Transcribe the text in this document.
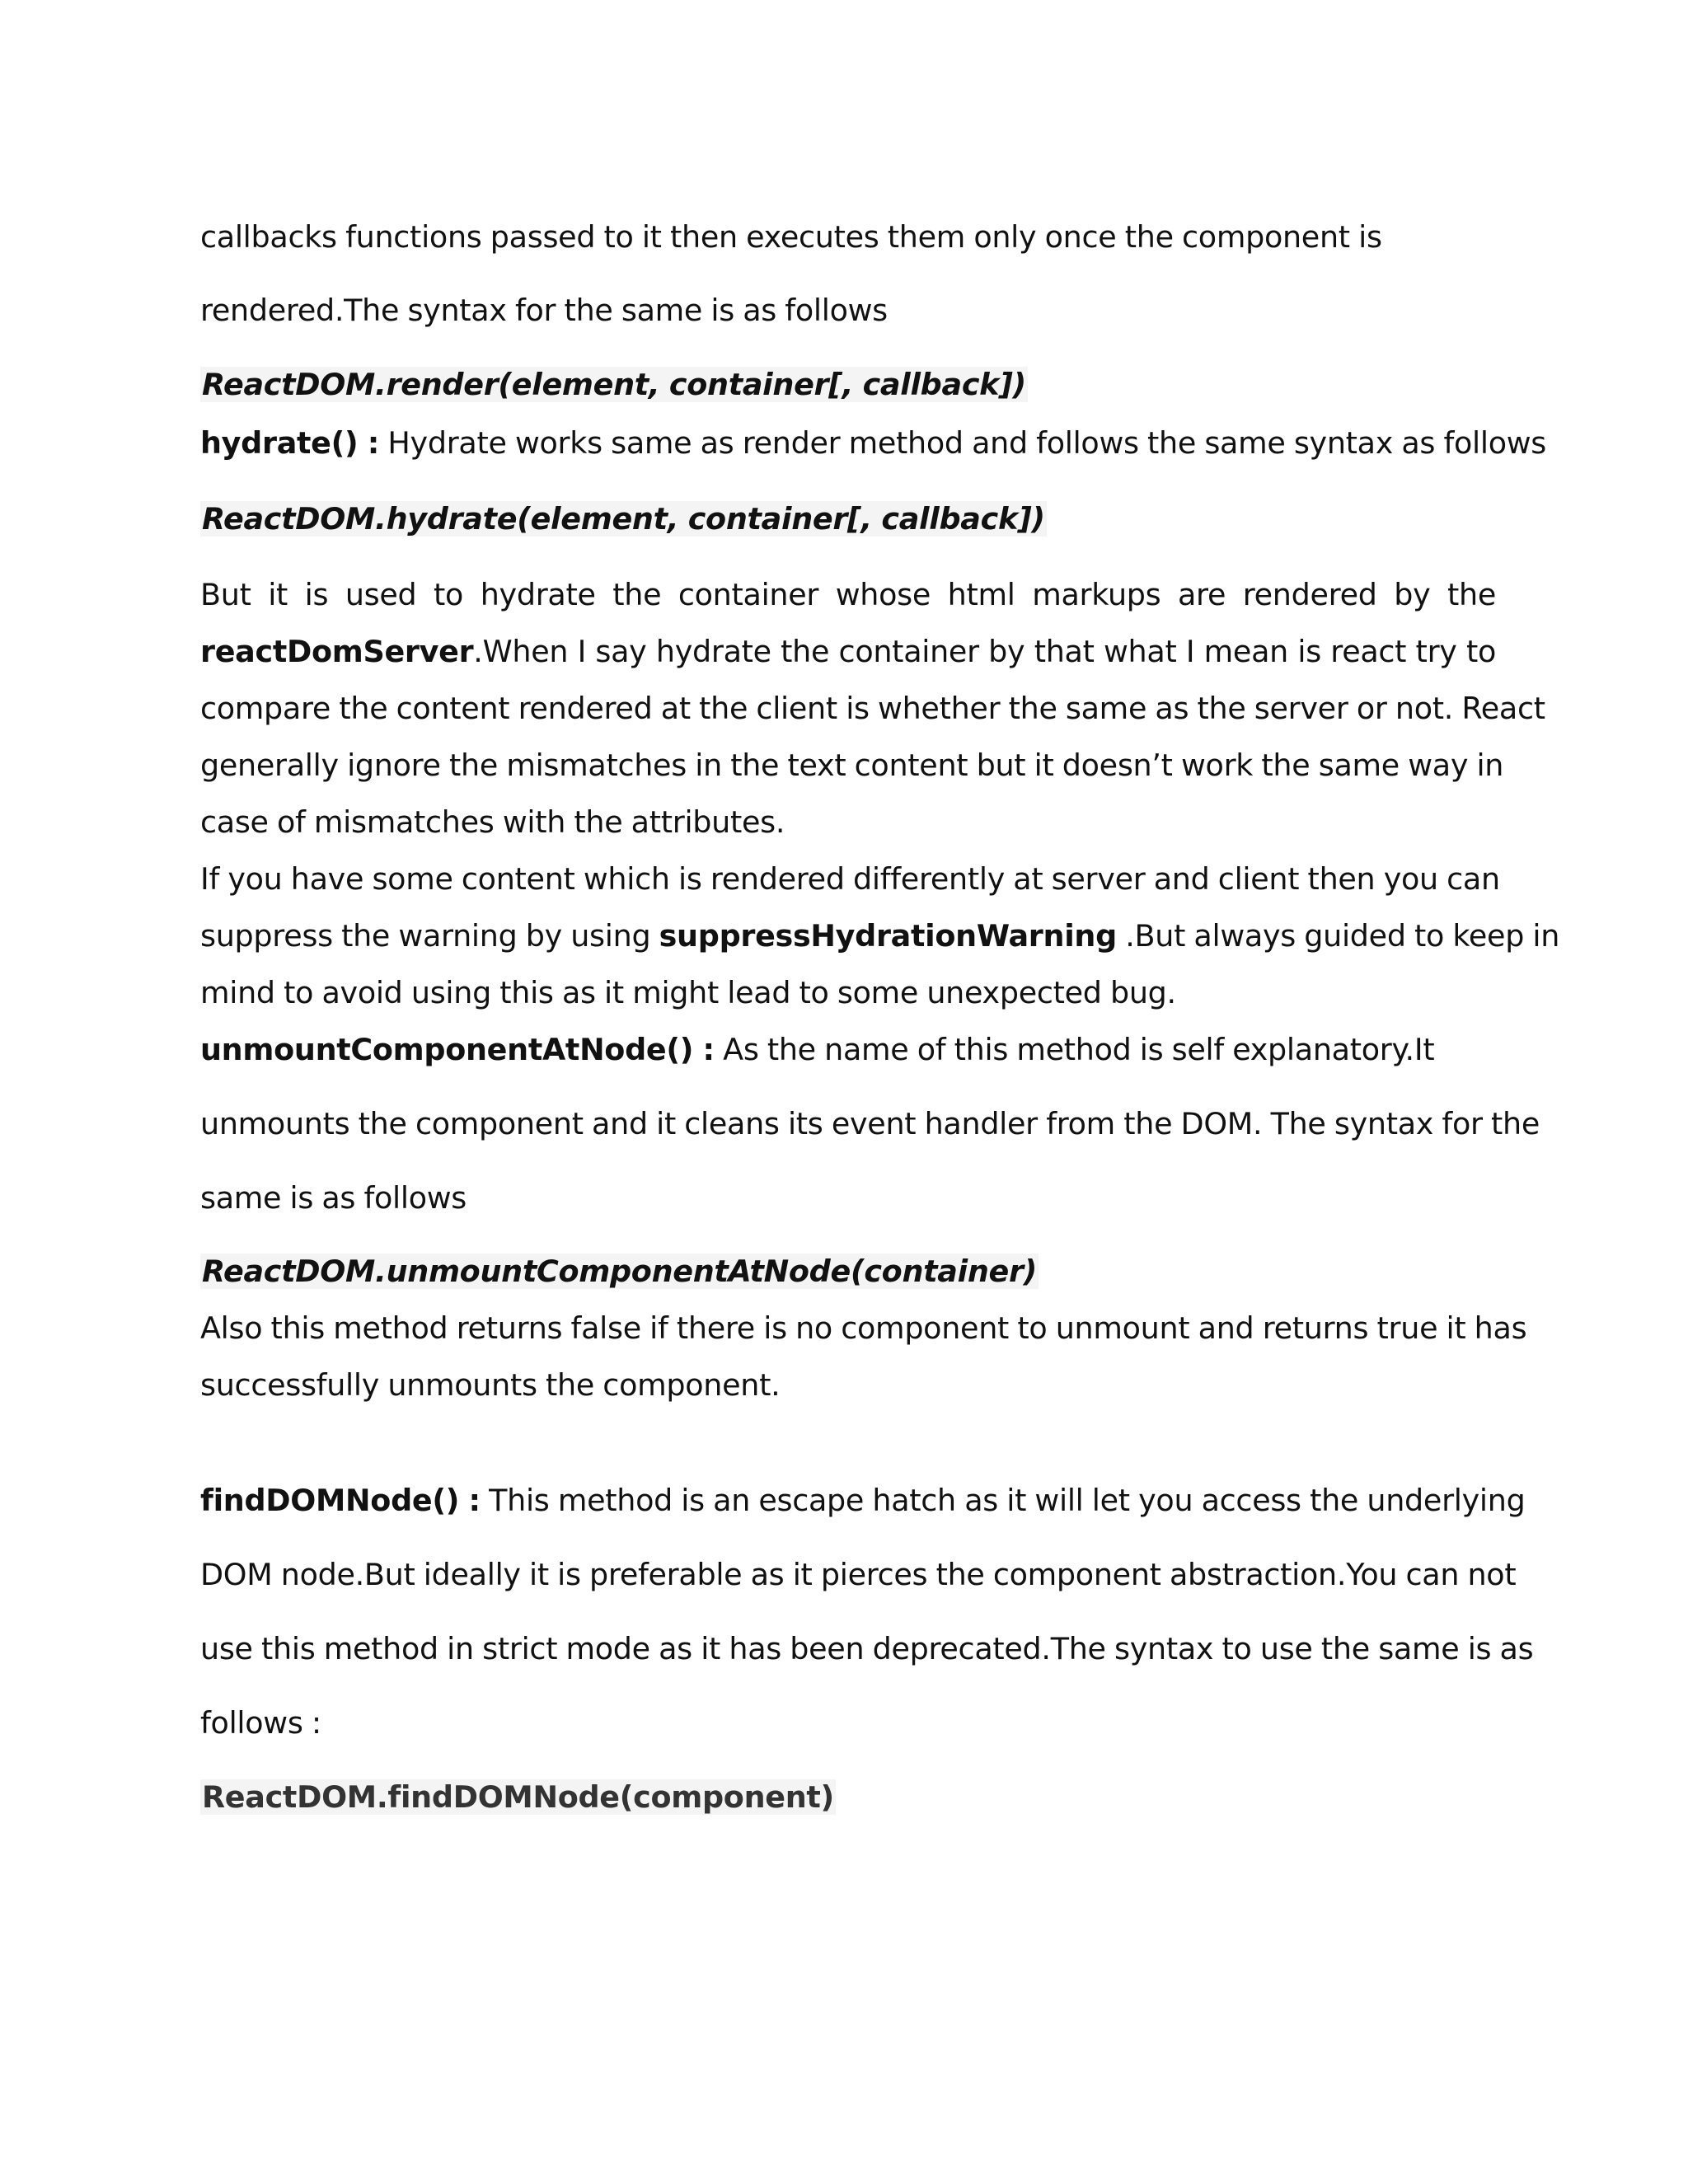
callbacks functions passed to it then executes them only once the component is
rendered.The syntax for the same is as follows
ReactDOM.render(element, container[, callback])
hydrate() : Hydrate works same as render method and follows the same syntax as follows
ReactDOM.hydrate(element, container[, callback])
But it is used to hydrate the container whose html markups are rendered by the
reactDomServer.When I say hydrate the container by that what I mean is react try to
compare the content rendered at the client is whether the same as the server or not. React
generally ignore the mismatches in the text content but it doesn’t work the same way in
case of mismatches with the attributes.
If you have some content which is rendered differently at server and client then you can
suppress the warning by using suppressHydrationWarning .But always guided to keep in
mind to avoid using this as it might lead to some unexpected bug.
unmountComponentAtNode() : As the name of this method is self explanatory.It
unmounts the component and it cleans its event handler from the DOM. The syntax for the
same is as follows
ReactDOM.unmountComponentAtNode(container)
Also this method returns false if there is no component to unmount and returns true it has
successfully unmounts the component.
findDOMNode() : This method is an escape hatch as it will let you access the underlying
DOM node.But ideally it is preferable as it pierces the component abstraction.You can not
use this method in strict mode as it has been deprecated.The syntax to use the same is as
follows :
ReactDOM.findDOMNode(component)
